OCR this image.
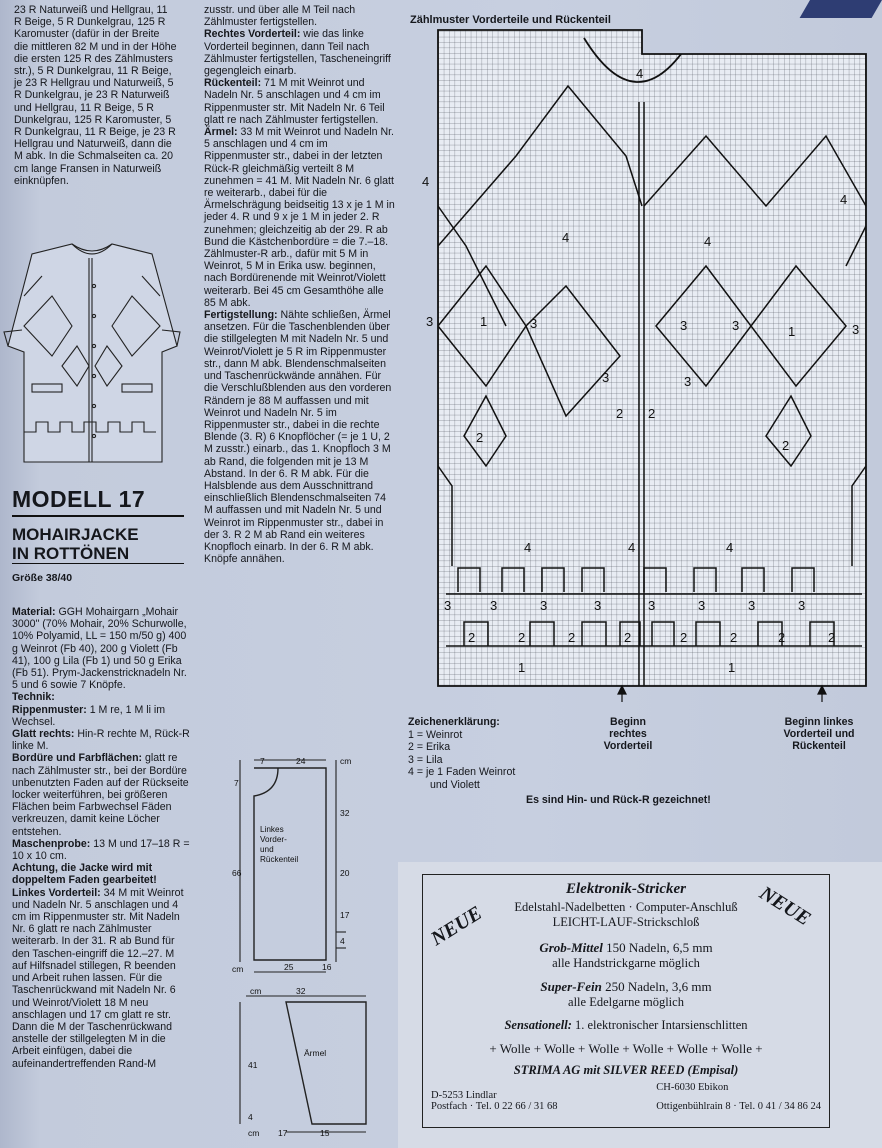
23 R Naturweiß und Hellgrau, 11

R Beige, 5 R Dunkelgrau, 125 R

Karomuster (dafür in der Breite

die mittleren 82 M und in der Höhe

die ersten 125 R des Zählmusters

str.), 5 R Dunkelgrau, 11 R Beige,

je 23 R Hellgrau und Naturweiß, 5

R Dunkelgrau, je 23 R Naturweiß

und Hellgrau, 11 R Beige, 5 R

Dunkelgrau, 125 R Karomuster, 5

R Dunkelgrau, 11 R Beige, je 23 R

Hellgrau und Naturweiß, dann die

M abk. In die Schmalseiten ca. 20

cm lange Fransen in Naturweiß

einknüpfen.

MODELL 17
MOHAIRJACKE
IN ROTTÖNEN
Größe 38/40

Material: GGH Mohairgarn „Mohair 3000" (70% Mohair, 20% Schurwolle, 10% Polyamid, LL = 150 m/50 g) 400 g Weinrot (Fb 40), 200 g Violett (Fb 41), 100 g Lila (Fb 1) und 50 g Erika (Fb 51). Prym-Jackenstricknadeln Nr. 5 und 6 sowie 7 Knöpfe.

Technik:

Rippenmuster: 1 M re, 1 M li im Wechsel.

Glatt rechts: Hin-R rechte M, Rück-R linke M.

Bordüre und Farbflächen: glatt re nach Zählmuster str., bei der Bordüre unbenutzten Faden auf der Rückseite locker weiterführen, bei größeren Flächen beim Farbwechsel Fäden verkreuzen, damit keine Löcher entstehen.

Maschenprobe: 13 M und 17–18 R = 10 x 10 cm.

Achtung, die Jacke wird mit doppeltem Faden gearbeitet!

Linkes Vorderteil: 34 M mit Weinrot und Nadeln Nr. 5 anschlagen und 4 cm im Rippenmuster str. Mit Nadeln Nr. 6 glatt re nach Zählmuster weiterarb. In der 31. R ab Bund für den Taschen-eingriff die 12.–27. M auf Hilfsnadel stillegen, R beenden und Arbeit ruhen lassen. Für die Taschenrückwand mit Nadeln Nr. 6 und Weinrot/Violett 18 M neu anschlagen und 17 cm glatt re str. Dann die M der Taschenrückwand anstelle der stillgelegten M in die Arbeit einfügen, dabei die aufeinandertreffenden Rand-M

zusstr. und über alle M Teil nach Zählmuster fertigstellen.

Rechtes Vorderteil: wie das linke Vorderteil beginnen, dann Teil nach Zählmuster fertigstellen, Tascheneingriff gegengleich einarb.

Rückenteil: 71 M mit Weinrot und Nadeln Nr. 5 anschlagen und 4 cm im Rippenmuster str. Mit Nadeln Nr. 6 Teil glatt re nach Zählmuster fertigstellen.

Ärmel: 33 M mit Weinrot und Nadeln Nr. 5 anschlagen und 4 cm im Rippenmuster str., dabei in der letzten Rück-R gleichmäßig verteilt 8 M zunehmen = 41 M. Mit Nadeln Nr. 6 glatt re weiterarb., dabei für die Ärmelschrägung beidseitig 13 x je 1 M in jeder 4. R und 9 x je 1 M in jeder 2. R zunehmen; gleichzeitig ab der 29. R ab Bund die Kästchenbordüre = die 7.–18. Zählmuster-R arb., dafür mit 5 M in Weinrot, 5 M in Erika usw. beginnen, nach Bordürenende mit Weinrot/Violett weiterarb. Bei 45 cm Gesamthöhe alle 85 M abk.

Fertigstellung: Nähte schließen, Ärmel ansetzen. Für die Taschenblenden über die stillgelegten M mit Nadeln Nr. 5 und Weinrot/Violett je 5 R im Rippenmuster str., dann M abk. Blendenschmalseiten und Taschenrückwände annähen. Für die Verschlußblenden aus den vorderen Rändern je 88 M auffassen und mit Weinrot und Nadeln Nr. 5 im Rippenmuster str., dabei in die rechte Blende (3. R) 6 Knopflöcher (= je 1 U, 2 M zusstr.) einarb., das 1. Knopfloch 3 M ab Rand, die folgenden mit je 13 M Abstand. In der 6. R M abk. Für die Halsblende aus dem Ausschnittrand einschließlich Blendenschmalseiten 74 M auffassen und mit Nadeln Nr. 5 und Weinrot im Rippenmuster str., dabei in der 3. R 2 M ab Rand ein weiteres Knopfloch einarb. In der 6. R M abk. Knöpfe annähen.

7	24	cm
7
66
32
20
17
4
cm	25	16
Linkes Vorder- und Rückenteil
cm	32
41
4
cm 17	15
Ärmel
Zählmuster Vorderteile und Rückenteil
4
4
4	4
4
3	1	3
3
3	1
3
3
3
2 2
2
2
4	4	4
3	3	3	3	3	3	3	3
2	2	2	2	2	2	2	2
1	1
Beginn
rechtes
Vorderteil
Beginn linkes
Vorderteil und
Rückenteil
Zeichenerklärung:
1 = Weinrot
2 = Erika
3 = Lila
4 = je 1 Faden Weinrot
und Violett
Es sind Hin- und Rück-R gezeichnet!
NEUE	NEUE
Elektronik-Stricker
Edelstahl-Nadelbetten · Computer-Anschluß
LEICHT-LAUF-Strickschloß
Grob-Mittel 150 Nadeln, 6,5 mm
alle Handstrickgarne möglich
Super-Fein 250 Nadeln, 3,6 mm
alle Edelgarne möglich
Sensationell: 1. elektronischer Intarsienschlitten
+ Wolle + Wolle + Wolle + Wolle + Wolle + Wolle +
STRIMA AG mit SILVER REED (Empisal)
D-5253 Lindlar
Postfach · Tel. 0 22 66 / 31 68
CH-6030 Ebikon
Ottigenbühlrain 8 · Tel. 0 41 / 34 86 24
